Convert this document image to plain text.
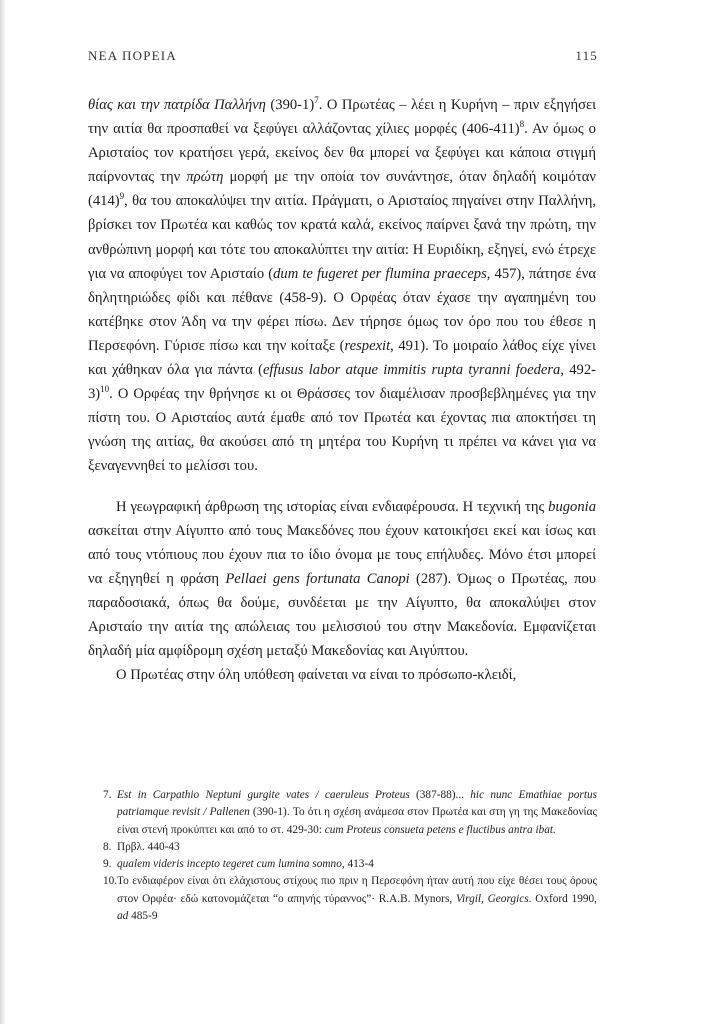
ΝΕΑ ΠΟΡΕΙΑ	115

θίας και την πατρίδα Παλλήνη $(390-1)^7$. Ο Πρωτέας – λέει η Κυρήνη – πριν εξηγήσει την αιτία θα προσπαθεί να ξεφύγει αλλάζοντας χίλιες μορφές $(406-411)^8$. Αν όμως ο Αρισταίος τον κρατήσει γερά, εκείνος δεν θα μπορεί να ξεφύγει και κάποια στιγμή παίρνοντας την πρώτη μορφή με την οποία τον συνάντησε, όταν δηλαδή κοιμόταν $(414)^9$, θα του αποκαλύψει την αιτία. Πράγματι, ο Αρισταίος πηγαίνει στην Παλλήνη, βρίσκει τον Πρωτέα και καθώς τον κρατά καλά, εκείνος παίρνει ξανά την πρώτη, την ανθρώπινη μορφή και τότε του αποκαλύπτει την αιτία: Η Ευριδίκη, εξηγεί, ενώ έτρεχε για να αποφύγει τον Αρισταίο (dum te fugeret per flumina praeceps, 457), πάτησε ένα δηλητηριώδες φίδι και πέθανε (458-9). Ο Ορφέας όταν έχασε την αγαπημένη του κατέβηκε στον Άδη να την φέρει πίσω. Δεν τήρησε όμως τον όρο που του έθεσε η Περσεφόνη. Γύρισε πίσω και την κοίταξε (respexit, 491). Το μοιραίο λάθος είχε γίνει και χάθηκαν όλα για πάντα (effusus labor atque immitis rupta tyranni foedera, 492-3)$^{10}$. Ο Ορφέας την θρήνησε κι οι Θράσσες τον διαμέλισαν προσβεβλημένες για την πίστη του. Ο Αρισταίος αυτά έμαθε από τον Πρωτέα και έχοντας πια αποκτήσει τη γνώση της αιτίας, θα ακούσει από τη μητέρα του Κυρήνη τι πρέπει να κάνει για να ξεναγεννηθεί το μελίσσι του.

Η γεωγραφική άρθρωση της ιστορίας είναι ενδιαφέρουσα. Η τεχνική της bugonia ασκείται στην Αίγυπτο από τους Μακεδόνες που έχουν κατοικήσει εκεί και ίσως και από τους ντόπιους που έχουν πια το ίδιο όνομα με τους επήλυδες. Μόνο έτσι μπορεί να εξηγηθεί η φράση Pellaei gens fortunata Canopi (287). Όμως ο Πρωτέας, που παραδοσιακά, όπως θα δούμε, συνδέεται με την Αίγυπτο, θα αποκαλύψει στον Αρισταίο την αιτία της απώλειας του μελισσιού του στην Μακεδονία. Εμφανίζεται δηλαδή μία αμφίδρομη σχέση μεταξύ Μακεδονίας και Αιγύπτου.

Ο Πρωτέας στην όλη υπόθεση φαίνεται να είναι το πρόσωπο-κλειδί,

7. Est in Carpathio Neptuni gurgite vates / caeruleus Proteus (387-88)... hic nunc Emathiae portus patriamque revisit / Pallenen (390-1). Το ότι η σχέση ανάμεσα στον Πρωτέα και στη γη της Μακεδονίας είναι στενή προκύπτει και από το στ. 429-30: cum Proteus consueta petens e fluctibus antra ibat.
8. Πρβλ. 440-43
9. qualem videris incepto tegeret cum lumina somno, 413-4
10. Το ενδιαφέρον είναι ότι ελάχιστους στίχους πιο πριν η Περσεφόνη ήταν αυτή που είχε θέσει τους όρους στον Ορφέα· εδώ κατονομάζεται “ο απηνής τύραννος”· R.A.B. Mynors, Virgil, Georgics. Oxford 1990, ad 485-9
